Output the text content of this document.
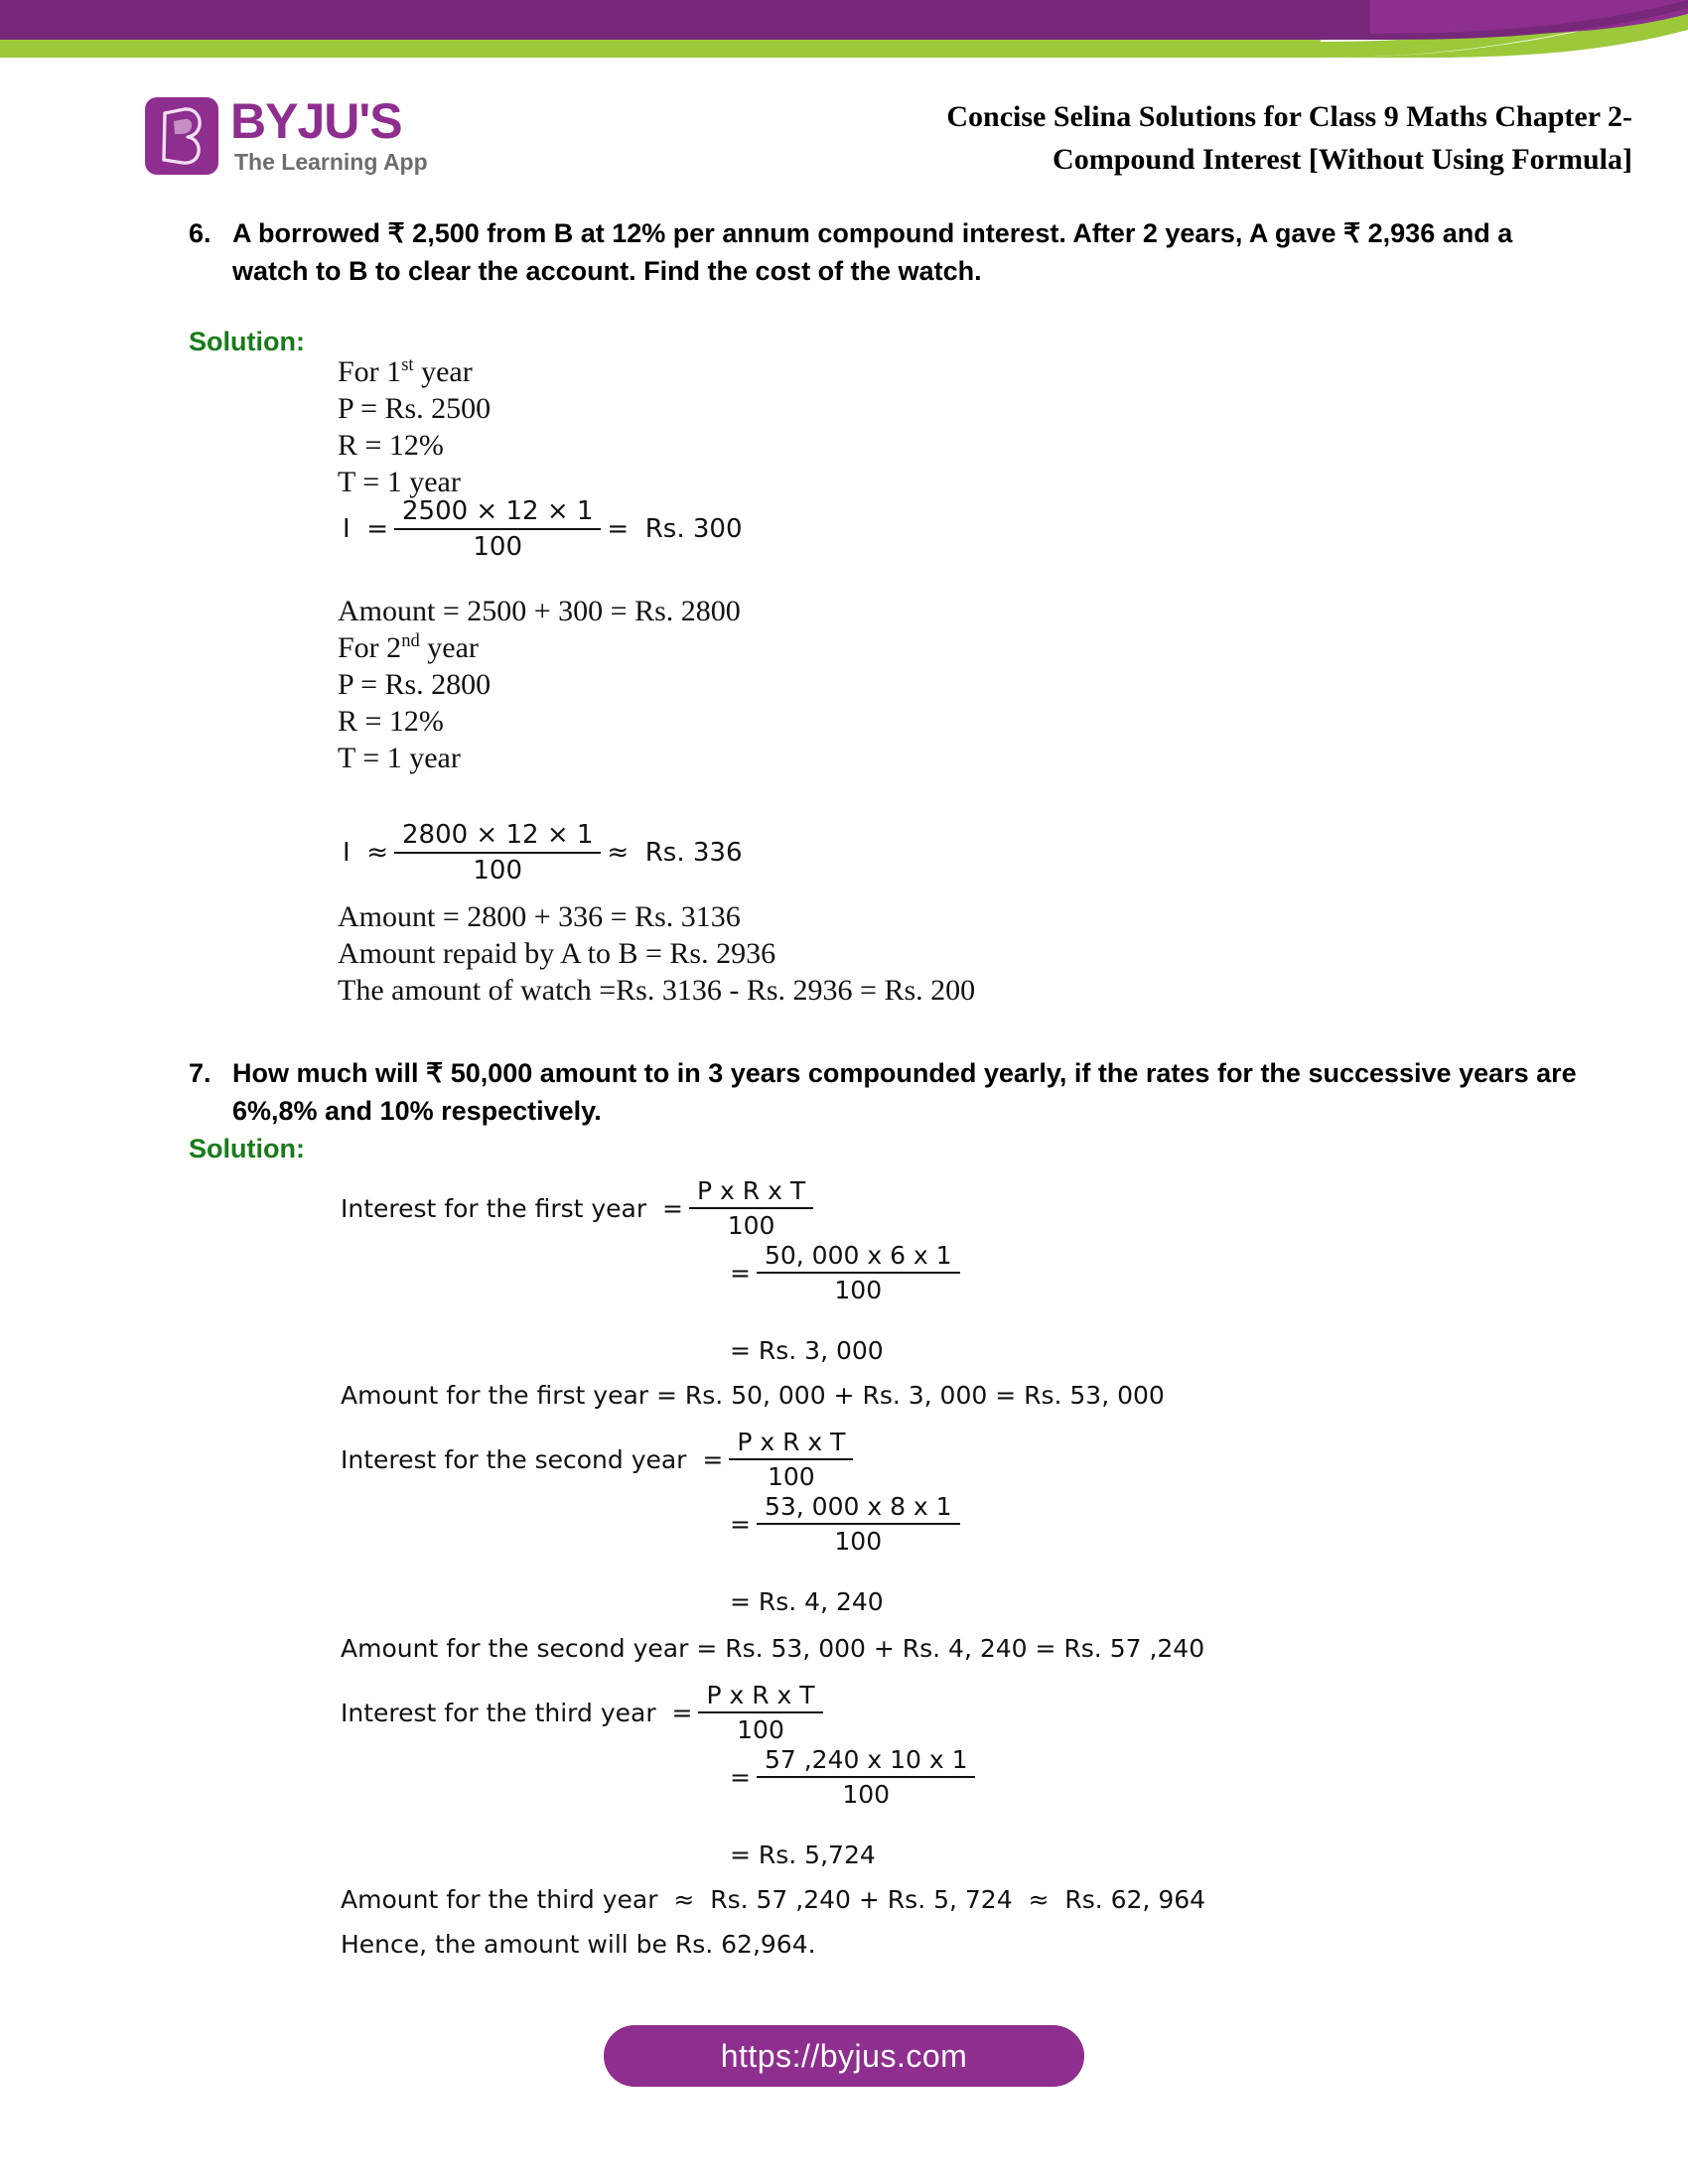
BYJU'S
The Learning App
Concise Selina Solutions for Class 9 Maths Chapter 2-
Compound Interest [Without Using Formula]
6. A borrowed ₹ 2,500 from B at 12% per annum compound interest. After 2 years, A gave ₹ 2,936 and a watch to B to clear the account. Find the cost of the watch.
Solution:
For 1st year
P = Rs. 2500
R = 12%
T = 1 year
$I = \frac{2500 \times 12 \times 1}{100} = Rs$. 300
Amount = 2500 + 300 = Rs. 2800
For 2nd year
P = Rs. 2800
R = 12%
T = 1 year
$I \approx \frac{2800 \times 12 \times 1}{100} \approx Rs$. 336
Amount = 2800 + 336 = Rs. 3136
Amount repaid by A to B = Rs. 2936
The amount of watch =Rs. 3136 - Rs. 2936 = Rs. 200
7. How much will ₹ 50,000 amount to in 3 years compounded yearly, if the rates for the successive years are 6%,8% and 10% respectively.
Solution:
Interest for the first year  = $\frac{\text{P x R x T}}{100}$
= $\frac{50, 000 x 6 x 1}{100}$
= Rs. 3, 000
Amount for the first year = Rs. 50, 000 + Rs. 3, 000 = Rs. 53, 000
Interest for the second year  = $\frac{\text{P x R x T}}{100}$
= $\frac{53, 000 x 8 x 1}{100}$
= Rs. 4, 240
Amount for the second year = Rs. 53, 000 + Rs. 4, 240 = Rs. 57 ,240
Interest for the third year  = $\frac{\text{P x R x T}}{100}$
= $\frac{57 ,240 x 10 x 1}{100}$
= Rs. 5,724
Amount for the third year  ≈  Rs. 57 ,240 + Rs. 5, 724  ≈  Rs. 62, 964
Hence, the amount will be Rs. 62,964.
https://byjus.com
